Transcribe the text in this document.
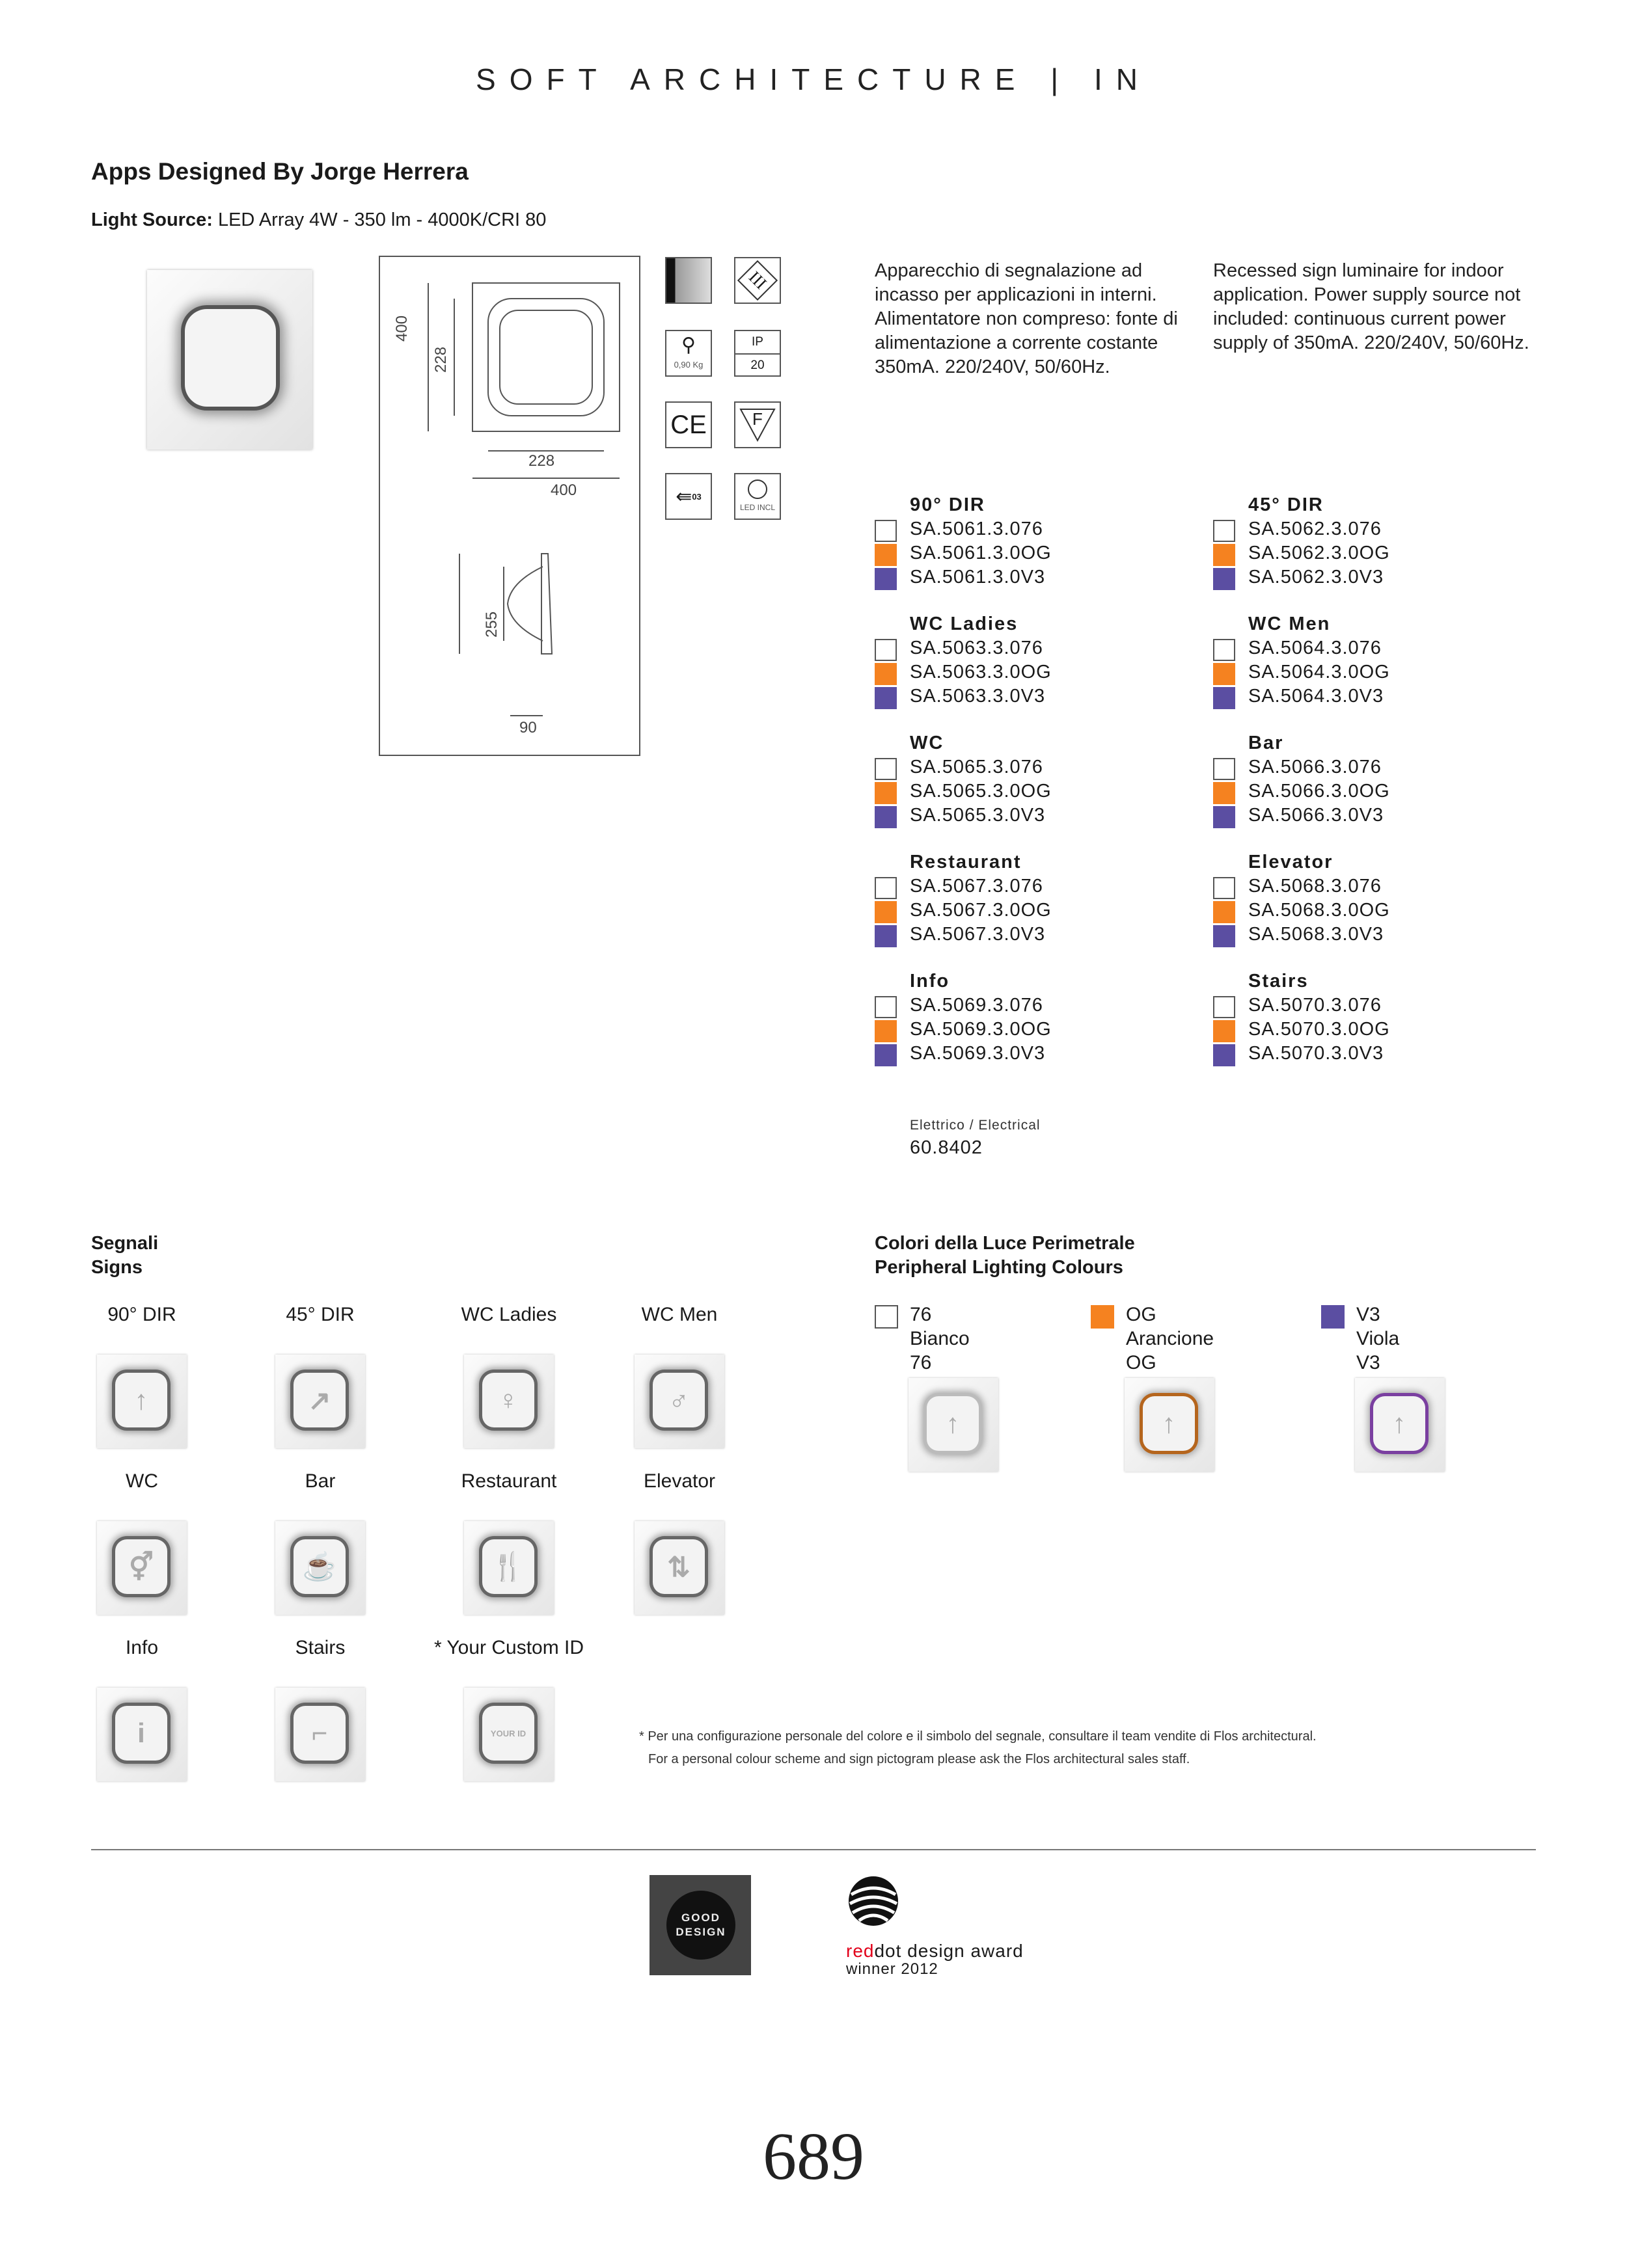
SOFT ARCHITECTURE | IN
Apps Designed By Jorge Herrera
Light Source: LED Array 4W - 350 lm - 4000K/CRI 80
400
228
228
400
255
90
III
⚲
0,90 Kg
IP
20
CE	F
⇚ 03
LED INCL
Apparecchio di segnalazione ad incasso per applicazioni in interni. Alimentatore non compreso: fonte di alimentazione a corrente costante 350mA. 220/240V, 50/60Hz.
Recessed sign luminaire for indoor application. Power supply source not included: continuous current power supply of 350mA. 220/240V, 50/60Hz.
90° DIR
SA.5061.3.076
SA.5061.3.0OG
SA.5061.3.0V3
WC Ladies
SA.5063.3.076
SA.5063.3.0OG
SA.5063.3.0V3
WC
SA.5065.3.076
SA.5065.3.0OG
SA.5065.3.0V3
Restaurant
SA.5067.3.076
SA.5067.3.0OG
SA.5067.3.0V3
Info
SA.5069.3.076
SA.5069.3.0OG
SA.5069.3.0V3
45° DIR
SA.5062.3.076
SA.5062.3.0OG
SA.5062.3.0V3
WC Men
SA.5064.3.076
SA.5064.3.0OG
SA.5064.3.0V3
Bar
SA.5066.3.076
SA.5066.3.0OG
SA.5066.3.0V3
Elevator
SA.5068.3.076
SA.5068.3.0OG
SA.5068.3.0V3
Stairs
SA.5070.3.076
SA.5070.3.0OG
SA.5070.3.0V3
Elettrico / Electrical
60.8402
Segnali
Signs
90° DIR
↑
45° DIR
↗
WC Ladies
♀
WC Men
♂
WC
⚥
Bar
☕
Restaurant
🍴
Elevator
⇅
Info
i
Stairs
⌐
* Your Custom ID
YOUR ID
Colori della Luce Perimetrale
Peripheral Lighting Colours
76 Bianco
76
↑
OG Arancione
OG
↑
V3 Viola
V3
↑
* Per una configurazione personale del colore e il simbolo del segnale, consultare il team vendite di Flos architectural.
For a personal colour scheme and sign pictogram please ask the Flos architectural sales staff.
GOOD
DESIGN
reddot design award
winner 2012
689
